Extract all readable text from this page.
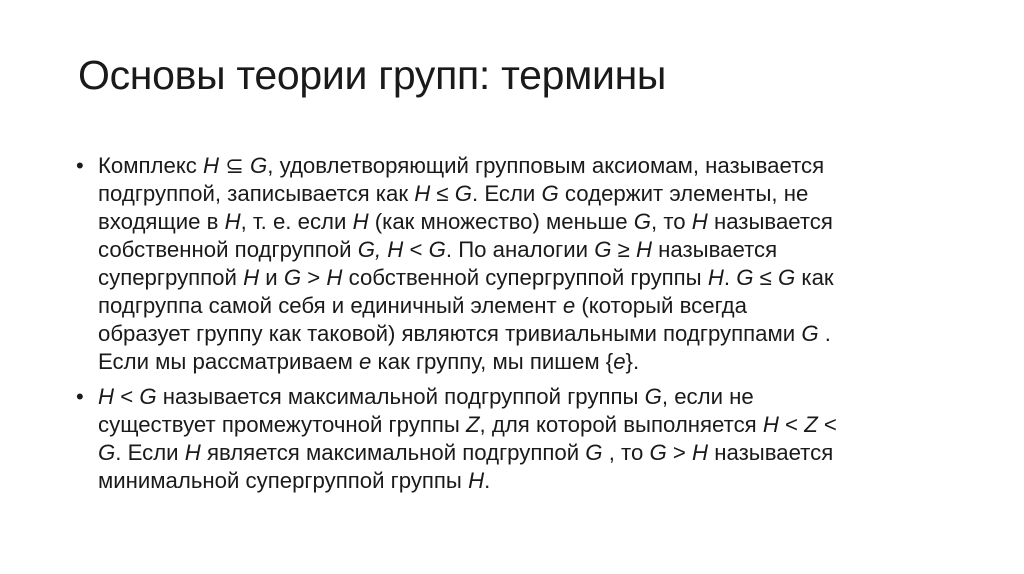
Основы теории групп: термины
• Комплекс H ⊆ G, удовлетворяющий групповым аксиомам, называется
подгруппой, записывается как H ≤ G. Если G содержит элементы, не
входящие в H, т. е. если H (как множество) меньше G, то H называется
собственной подгруппой G, H < G. По аналогии G ≥ H называется
супергруппой H и G > H собственной супергруппой группы H. G ≤ G как
подгруппа самой себя и единичный элемент e (который всегда
образует группу как таковой) являются тривиальными подгруппами G .
Если мы рассматриваем e как группу, мы пишем {e}.
• H < G называется максимальной подгруппой группы G, если не
существует промежуточной группы Z, для которой выполняется H < Z <
G. Если H является максимальной подгруппой G , то G > H называется
минимальной супергруппой группы H.
